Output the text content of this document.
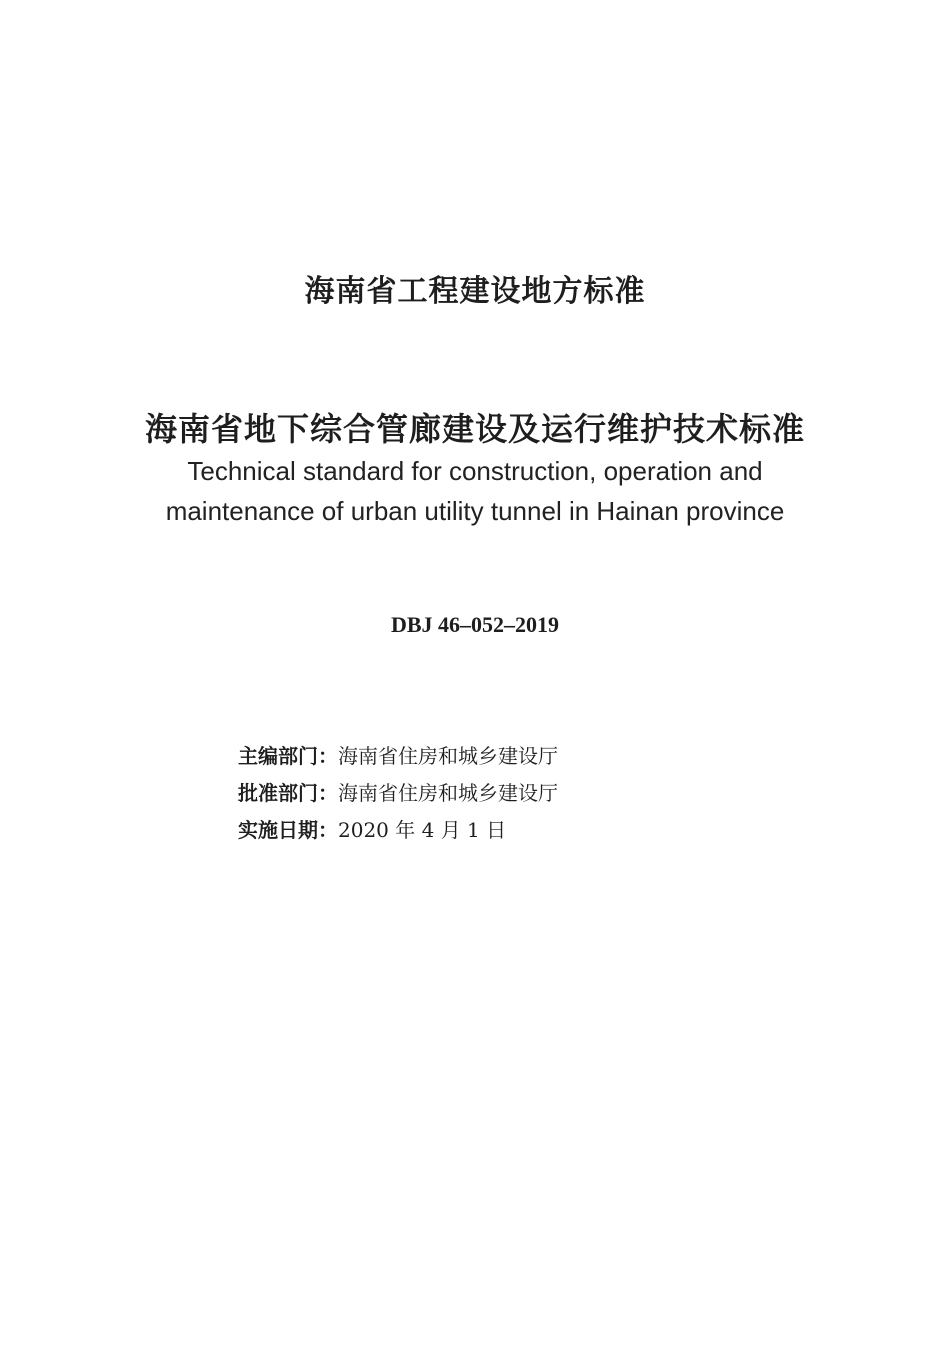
海南省工程建设地方标准
海南省地下综合管廊建设及运行维护技术标准
Technical standard for construction, operation and
maintenance of urban utility tunnel in Hainan province
DBJ 46–052–2019
主编部门：海南省住房和城乡建设厅
批准部门：海南省住房和城乡建设厅
实施日期：2020 年 4 月 1 日
